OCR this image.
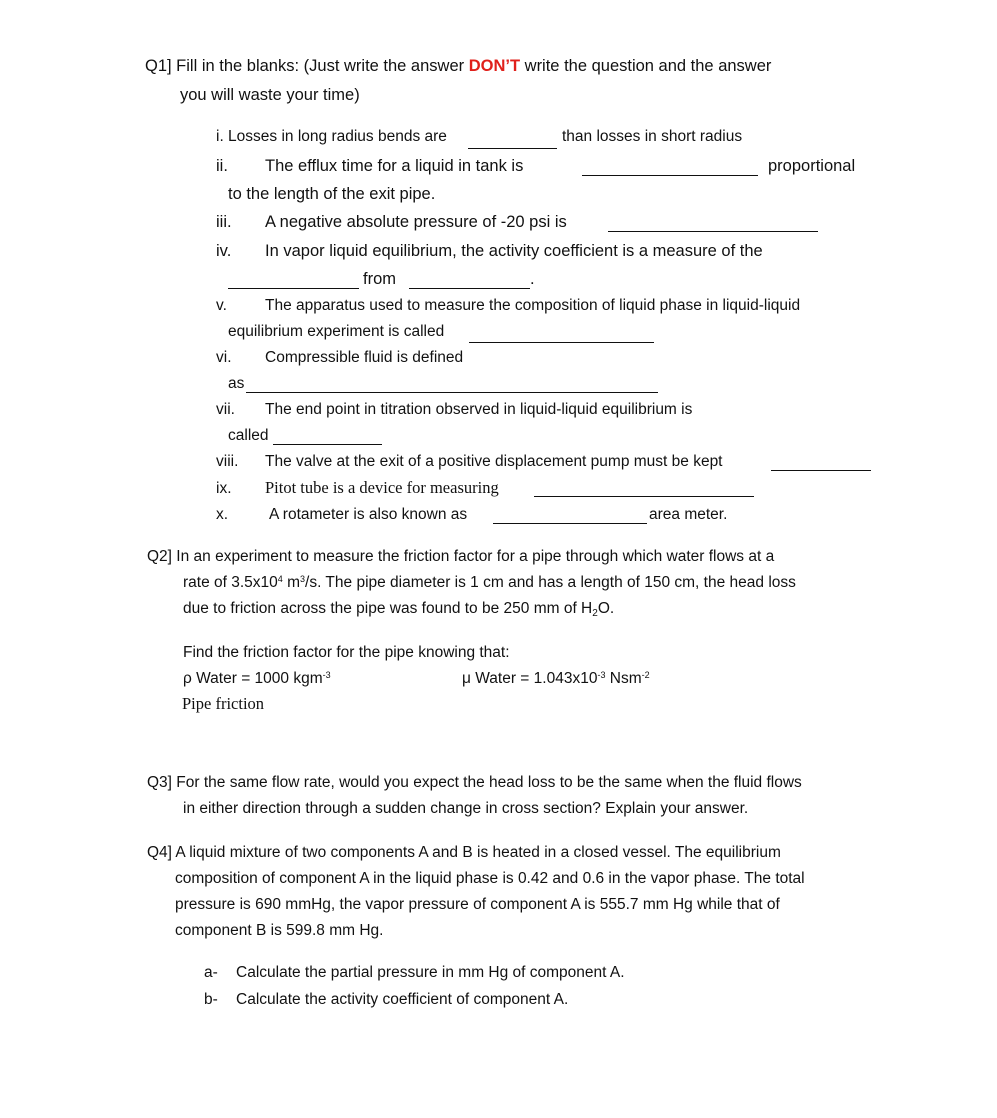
Q1] Fill in the blanks: (Just write the answer DON’T write the question and the answer
you will waste your time)
i. Losses in long radius bends are	than losses in short radius
ii. The efflux time for a liquid in tank is	proportional
to the length of the exit pipe.
iii. A negative absolute pressure of -20 psi is
iv. In vapor liquid equilibrium, the activity coefficient is a measure of the
from	.
v. The apparatus used to measure the composition of liquid phase in liquid-liquid
equilibrium experiment is called
vi. Compressible fluid is defined
as
vii. The end point in titration observed in liquid-liquid equilibrium is
called
viii. The valve at the exit of a positive displacement pump must be kept
ix. Pitot tube is a device for measuring
x.	A rotameter is also known as	area meter.
Q2] In an experiment to measure the friction factor for a pipe through which water flows at a
rate of $3.5x10^4$ $m^3/s$. The pipe diameter is 1 cm and has a length of 150 cm, the head loss
due to friction across the pipe was found to be 250 mm of $H_2O$.
Find the friction factor for the pipe knowing that:
ρ Water = 1000 kgm$^{-3}$	μ Water = $1.043x10^{-3}$ Nsm$^{-2}$
Pipe friction
Q3] For the same flow rate, would you expect the head loss to be the same when the fluid flows
in either direction through a sudden change in cross section? Explain your answer.
Q4] A liquid mixture of two components A and B is heated in a closed vessel. The equilibrium
composition of component A in the liquid phase is 0.42 and 0.6 in the vapor phase. The total
pressure is 690 mmHg, the vapor pressure of component A is 555.7 mm Hg while that of
component B is 599.8 mm Hg.
a- Calculate the partial pressure in mm Hg of component A.
b- Calculate the activity coefficient of component A.
